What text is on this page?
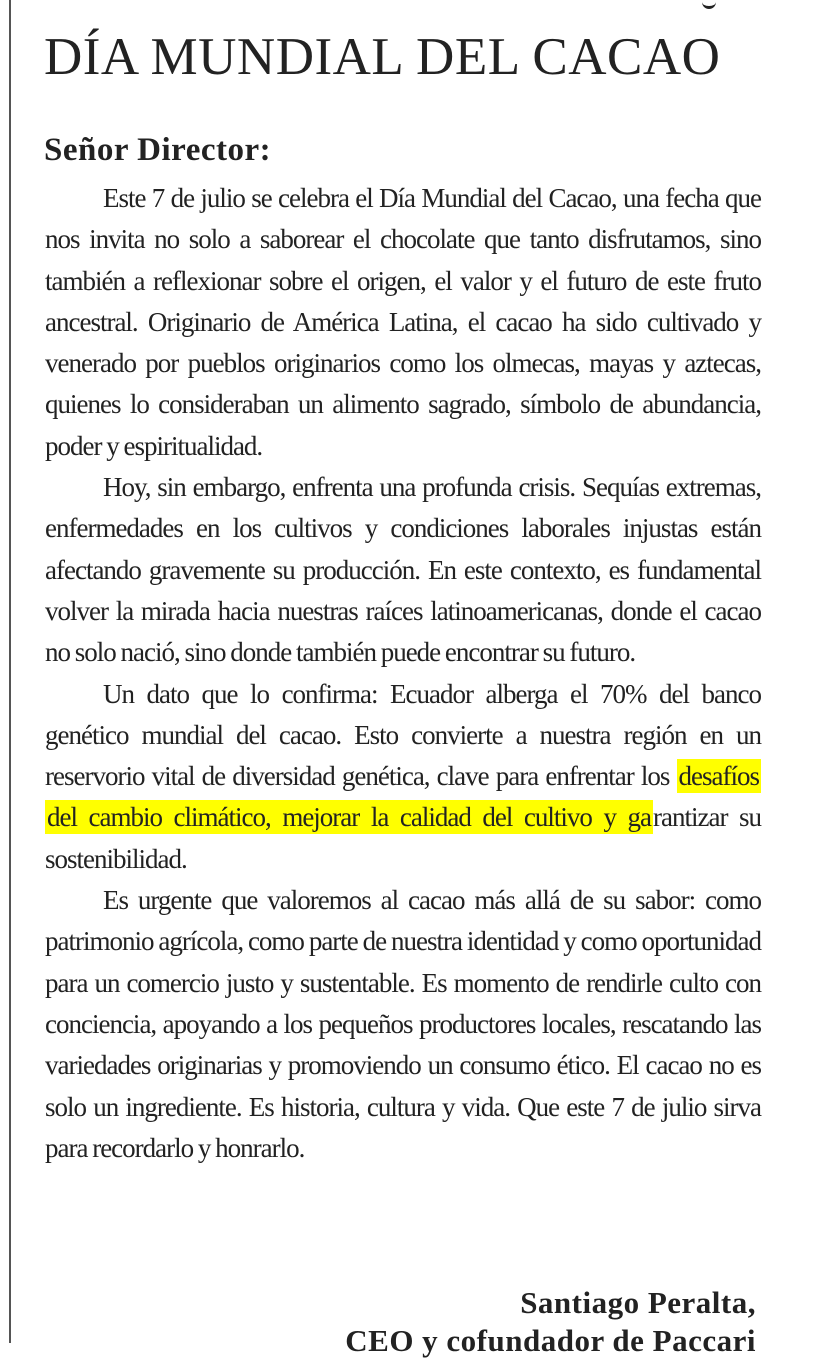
DÍA MUNDIAL DEL CACAO
Señor Director:

Este 7 de julio se celebra el Día Mundial del Cacao, una fecha que nos invita no solo a saborear el chocolate que tanto disfrutamos, sino también a reflexionar sobre el origen, el valor y el futuro de este fruto ancestral. Originario de América Latina, el cacao ha sido cultivado y venerado por pueblos originarios como los olmecas, mayas y aztecas, quienes lo consideraban un alimento sagrado, símbolo de abundancia, poder y espiritualidad.

Hoy, sin embargo, enfrenta una profunda crisis. Sequías extremas, enfermedades en los cultivos y condiciones laborales injustas están afectando gravemente su producción. En este contexto, es fundamental volver la mirada hacia nuestras raíces latinoamericanas, donde el cacao no solo nació, sino donde también puede encontrar su futuro.

Un dato que lo confirma: Ecuador alberga el 70% del banco genético mundial del cacao. Esto convierte a nuestra región en un reservorio vital de diversidad genética, clave para enfrentar los desafíos del cambio climático, mejorar la calidad del cultivo y garantizar su sostenibilidad.

Es urgente que valoremos al cacao más allá de su sabor: como patrimonio agrícola, como parte de nuestra identidad y como oportunidad para un comercio justo y sustentable. Es momento de rendirle culto con conciencia, apoyando a los pequeños productores locales, rescatando las variedades originarias y promoviendo un consumo ético. El cacao no es solo un ingrediente. Es historia, cultura y vida. Que este 7 de julio sirva para recordarlo y honrarlo.

Santiago Peralta,
CEO y cofundador de Paccari
